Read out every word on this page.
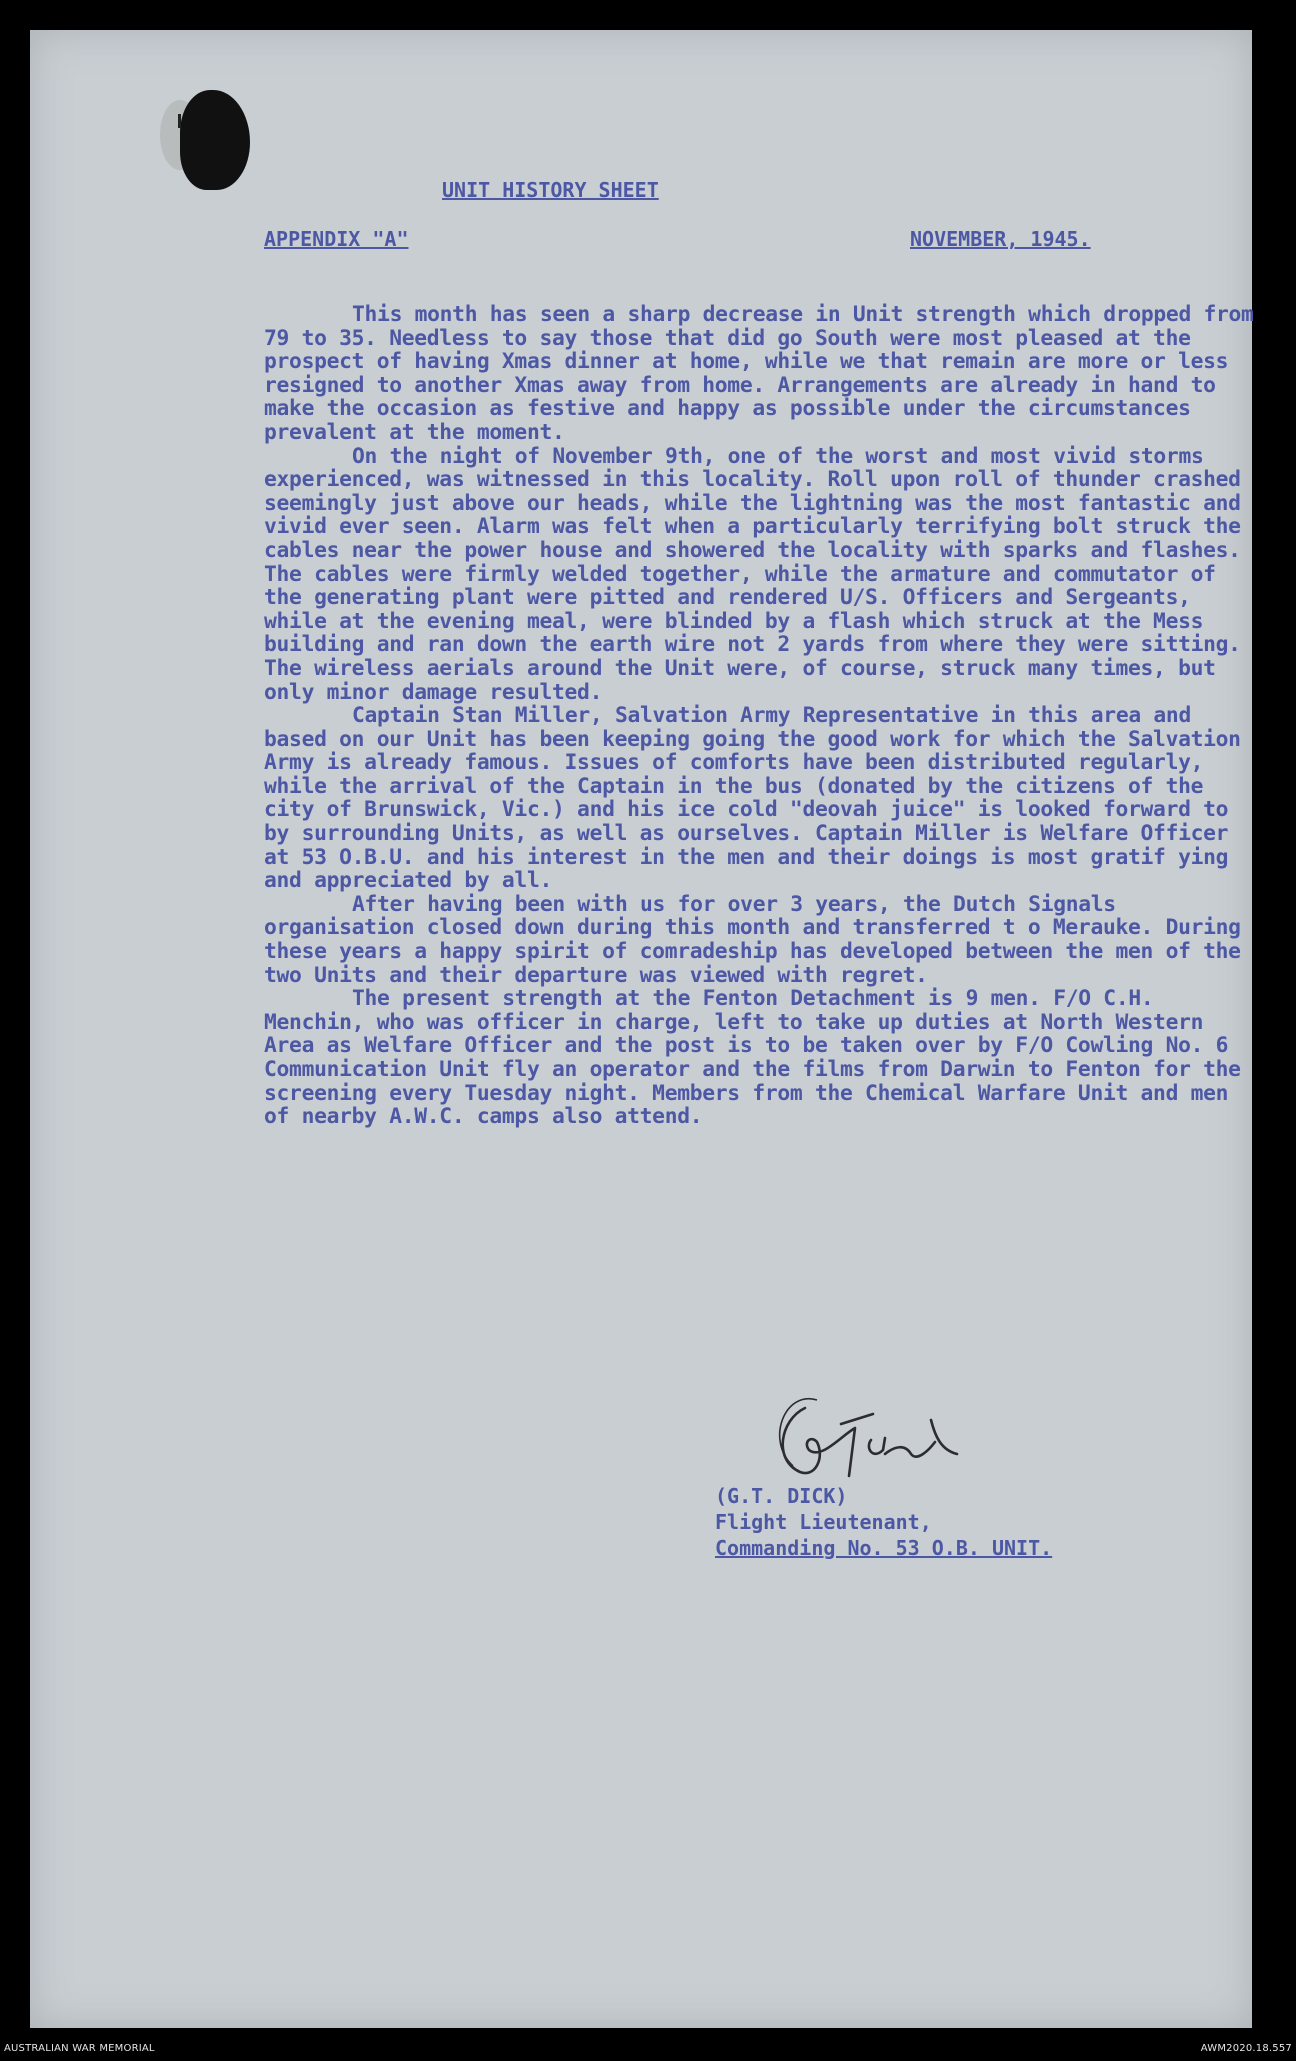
UNIT HISTORY SHEET
APPENDIX "A"	NOVEMBER, 1945.

This month has seen a sharp decrease in Unit strength which dropped from 79 to 35. Needless to say those that did go South were most pleased at the prospect of having Xmas dinner at home, while we that remain are more or less resigned to another Xmas away from home. Arrangements are already in hand to make the occasion as festive and happy as possible under the circumstances prevalent at the moment.

On the night of November 9th, one of the worst and most vivid storms experienced, was witnessed in this locality. Roll upon roll of thunder crashed seemingly just above our heads, while the lightning was the most fantastic and vivid ever seen. Alarm was felt when a particularly terrifying bolt struck the cables near the power house and showered the locality with sparks and flashes. The cables were firmly welded together, while the armature and commutator of the generating plant were pitted and rendered U/S. Officers and Sergeants, while at the evening meal, were blinded by a flash which struck at the Mess building and ran down the earth wire not 2 yards from where they were sitting. The wireless aerials around the Unit were, of course, struck many times, but only minor damage resulted.

Captain Stan Miller, Salvation Army Representative in this area and based on our Unit has been keeping going the good work for which the Salvation Army is already famous. Issues of comforts have been distributed regularly, while the arrival of the Captain in the bus (donated by the citizens of the city of Brunswick, Vic.) and his ice cold "deovah juice" is looked forward to by surrounding Units, as well as ourselves. Captain Miller is Welfare Officer at 53 O.B.U. and his interest in the men and their doings is most gratif ying and appreciated by all.

After having been with us for over 3 years, the Dutch Signals organisation closed down during this month and transferred t o Merauke. During these years a happy spirit of comradeship has developed between the men of the two Units and their departure was viewed with regret.

The present strength at the Fenton Detachment is 9 men. F/O C.H. Menchin, who was officer in charge, left to take up duties at North Western Area as Welfare Officer and the post is to be taken over by F/O Cowling No. 6 Communication Unit fly an operator and the films from Darwin to Fenton for the screening every Tuesday night. Members from the Chemical Warfare Unit and men of nearby A.W.C. camps also attend.

(G.T. DICK)
Flight Lieutenant,
Commanding No. 53 O.B. UNIT.
AUSTRALIAN WAR MEMORIAL	AWM2020.18.557
